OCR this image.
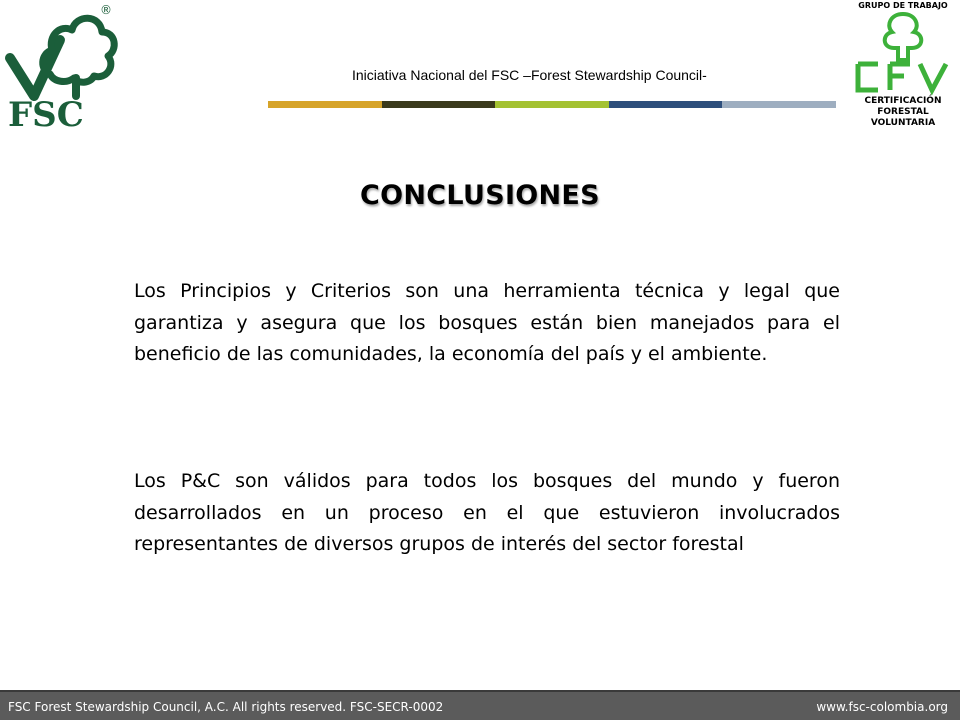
FSC
®
Iniciativa Nacional del FSC –Forest Stewardship Council-
GRUPO DE TRABAJO
CERTIFICACIÓN
FORESTAL
VOLUNTARIA
CONCLUSIONES
Los Principios y Criterios son una herramienta técnica y legal que garantiza y asegura que los bosques están bien manejados para el beneficio de las comunidades, la economía del país y el ambiente.
Los P&C son válidos para todos los bosques del mundo y fueron desarrollados en un proceso en el que estuvieron involucrados representantes de diversos grupos de interés del sector forestal
FSC Forest Stewardship Council, A.C. All rights reserved. FSC-SECR-0002	www.fsc-colombia.org
